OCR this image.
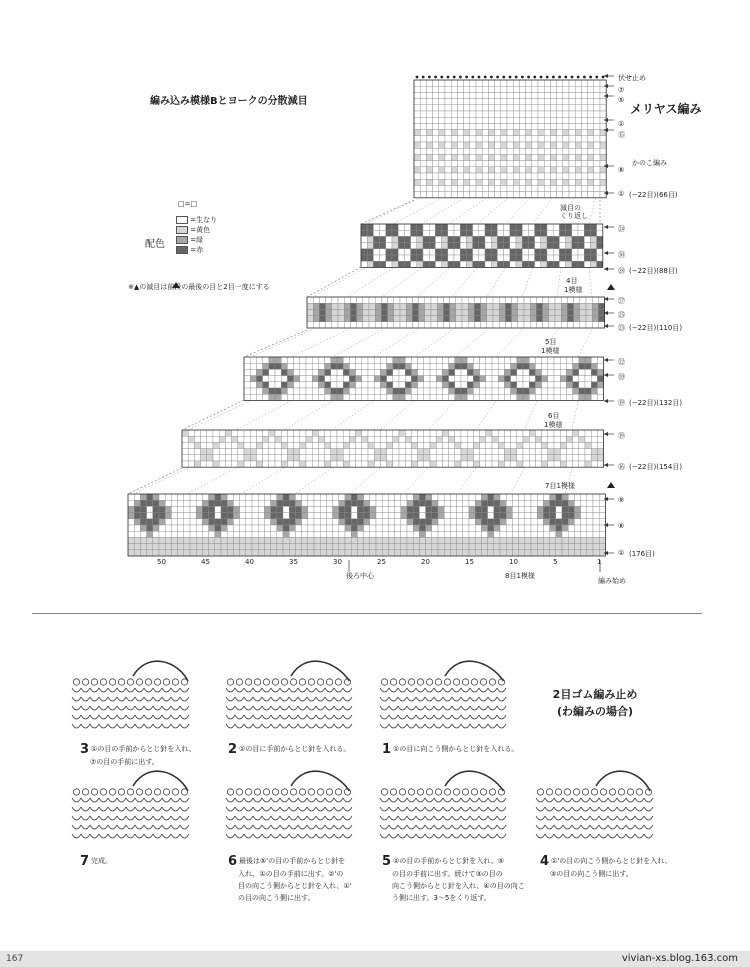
編み込み模様Bとヨークの分散減目
□=□
配色
=生なり
=黄色
=緑
=赤
※▲の減目は前段の最後の目と2目一度にする
伏せ止め
⑦
⑤
メリヤス編み
①
⑮
かのこ編み
⑧
① (−22目)(66目)
減目の
くり返し
㉔
㉚
㉘ (−22目)(88目)
4目
1模様
㉗
㉕
㉓ (−22目)(110目)
5目
1模様
㉒
⑳
⑲ (−22目)(132目)
6目
1模様
⑲
⑯ (−22目)(154目)
7目1模様
⑨
⑧
① (176目)
8目1模様
編み始め
後ろ中心
50	45	40	35	30	25	20	15	10	5	1
2目ゴム編み止め
(わ編みの場合)
3 ①の目の手前からとじ針を入れ、
⑦の目の手前に出す。
2 ①の目に手前からとじ針を入れる。 1 ①の目に向こう側からとじ針を入れる。
7 完成。	6 最後は⑤'の目の手前からとじ針を
入れ、①の目の手前に出す。②'の
目の向こう側からとじ針を入れ、①'
の目の向こう側に出す。
5 ②の目の手前からとじ針を入れ、⑤
の目の手前に出す。続けて③の目の
向こう側からとじ針を入れ、④の目の向こ
う側に出す。3〜5をくり返す。
4 ①'の目の向こう側からとじ針を入れ、
③の目の向こう側に出す。
167	vivian-xs.blog.163.com
